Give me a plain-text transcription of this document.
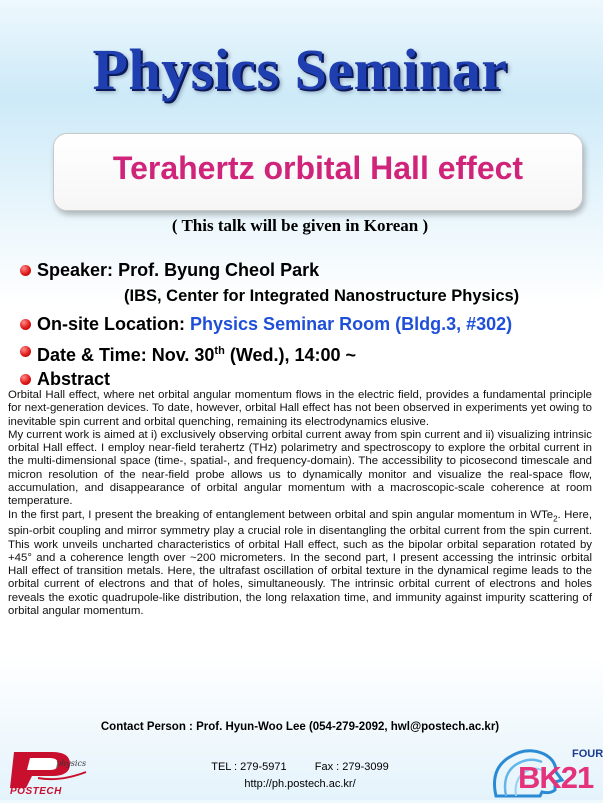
Physics Seminar
Terahertz orbital Hall effect
( This talk will be given in Korean )
Speaker: Prof. Byung Cheol Park
(IBS, Center for Integrated Nanostructure Physics)
On-site Location: Physics Seminar Room (Bldg.3, #302)
Date & Time: Nov. 30th (Wed.), 14:00 ~
Abstract

Orbital Hall effect, where net orbital angular momentum flows in the electric field, provides a fundamental principle for next-generation devices. To date, however, orbital Hall effect has not been observed in experiments yet owing to inevitable spin current and orbital quenching, remaining its electrodynamics elusive.

My current work is aimed at i) exclusively observing orbital current away from spin current and ii) visualizing intrinsic orbital Hall effect. I employ near-field terahertz (THz) polarimetry and spectroscopy to explore the orbital current in the multi-dimensional space (time-, spatial-, and frequency-domain). The accessibility to picosecond timescale and micron resolution of the near-field probe allows us to dynamically monitor and visualize the real-space flow, accumulation, and disappearance of orbital angular momentum with a macroscopic-scale coherence at room temperature.

In the first part, I present the breaking of entanglement between orbital and spin angular momentum in WTe$_2$. Here, spin-orbit coupling and mirror symmetry play a crucial role in disentangling the orbital current from the spin current. This work unveils uncharted characteristics of orbital Hall effect, such as the bipolar orbital separation rotated by +45° and a coherence length over ~200 micrometers. In the second part, I present accessing the intrinsic orbital Hall effect of transition metals. Here, the ultrafast oscillation of orbital texture in the dynamical regime leads to the orbital current of electrons and that of holes, simultaneously. The intrinsic orbital current of electrons and holes reveals the exotic quadrupole-like distribution, the long relaxation time, and immunity against impurity scattering of orbital angular momentum.

Contact Person : Prof. Hyun-Woo Lee (054-279-2092, hwl@postech.ac.kr)
TEL : 279-5971	Fax : 279-3099
http://ph.postech.ac.kr/
physics
POSTECH
FOUR
BK21
